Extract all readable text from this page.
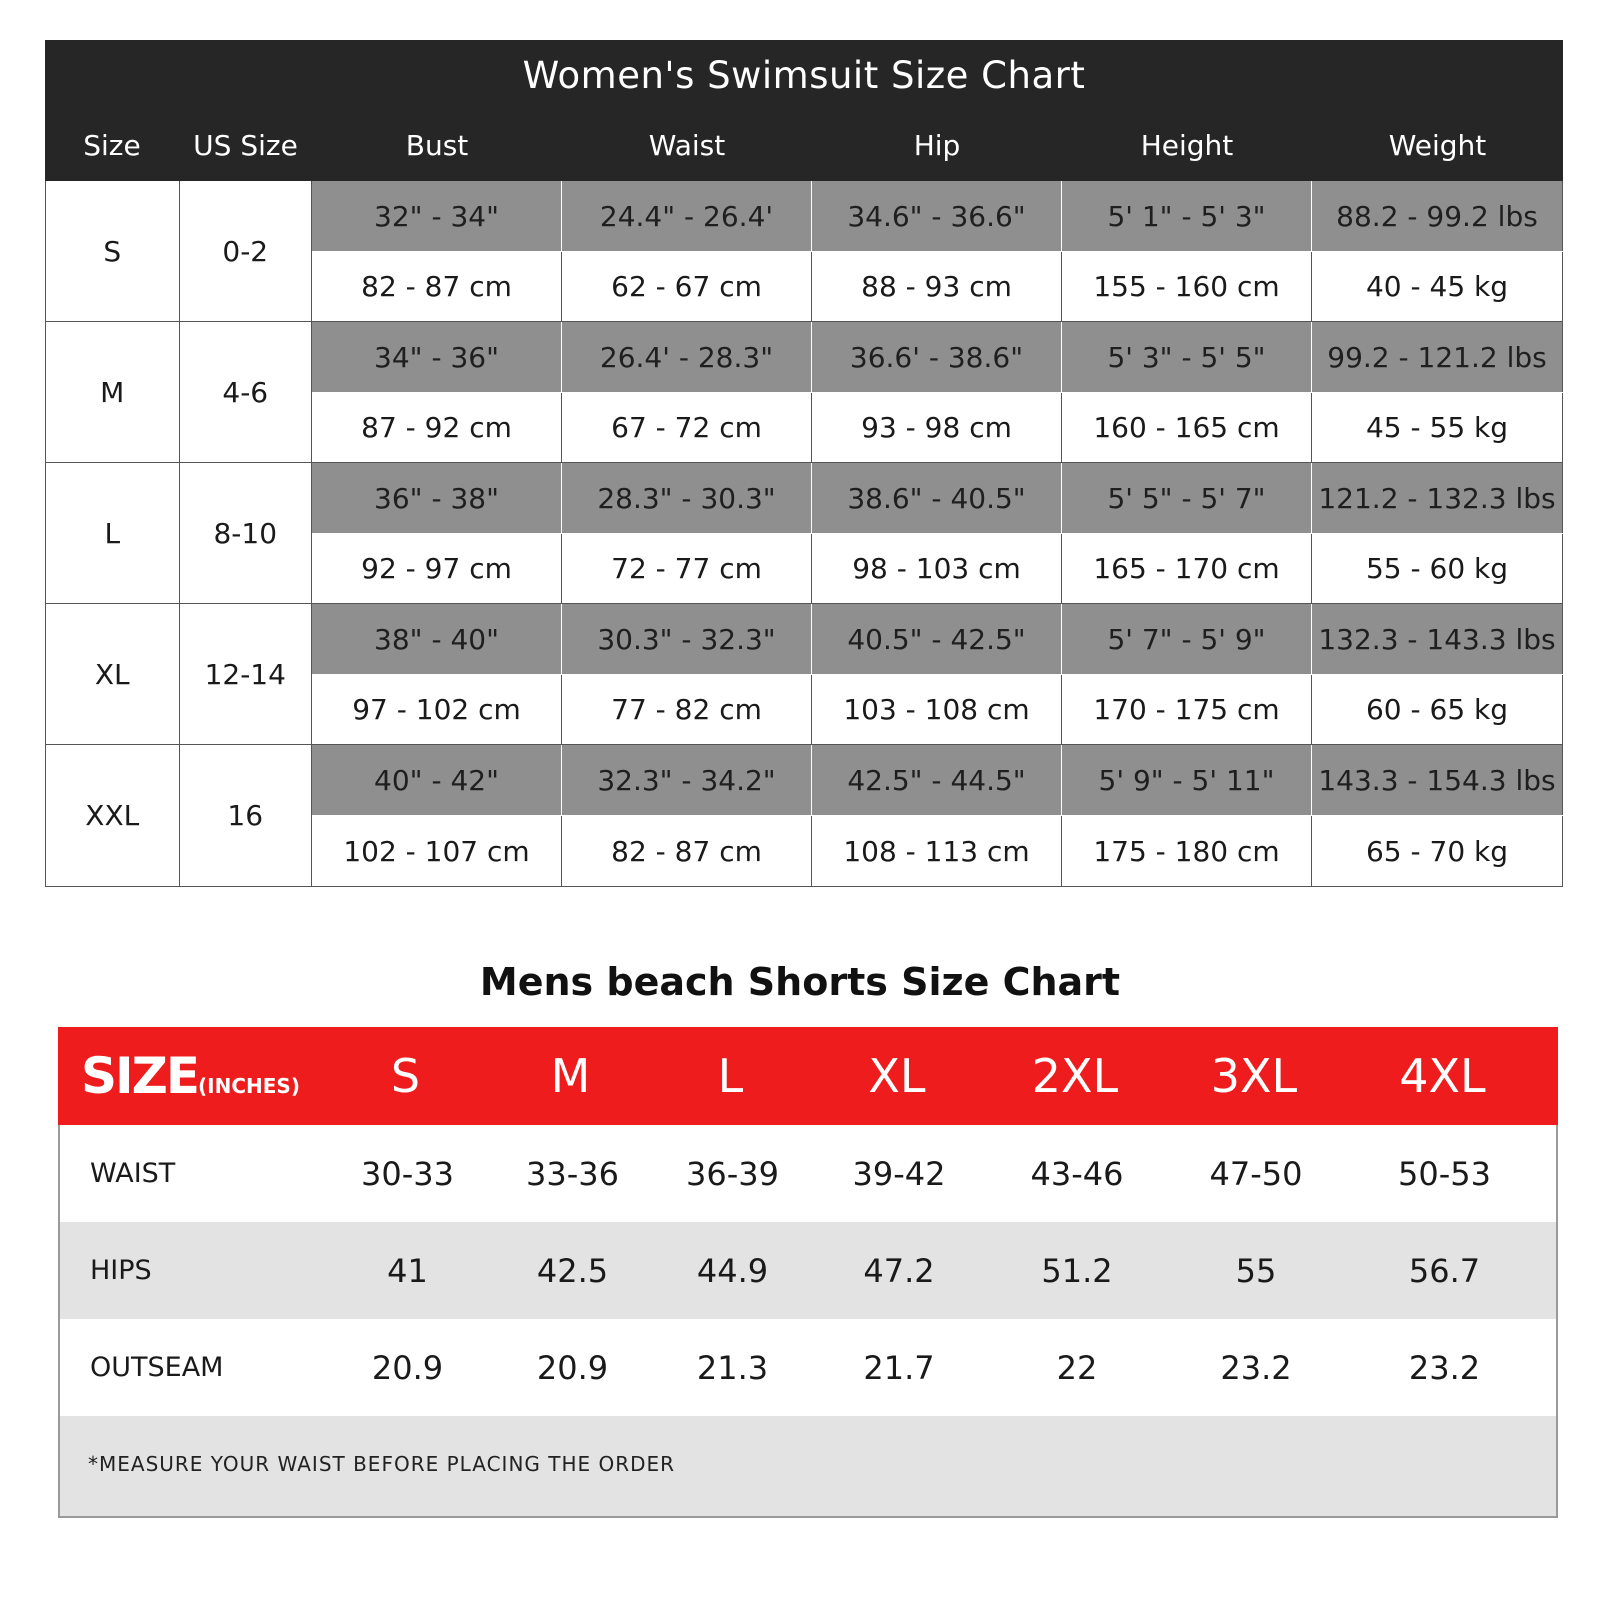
Women's Swimsuit Size Chart
Size	US Size	Bust	Waist	Hip	Height	Weight
S	0-2
32" - 34"	24.4" - 26.4'	34.6" - 36.6"	5' 1" - 5' 3"	88.2 - 99.2 lbs
82 - 87 cm	62 - 67 cm	88 - 93 cm	155 - 160 cm	40 - 45 kg
M	4-6
34" - 36"	26.4' - 28.3"	36.6' - 38.6"	5' 3" - 5' 5"	99.2 - 121.2 lbs
87 - 92 cm	67 - 72 cm	93 - 98 cm	160 - 165 cm	45 - 55 kg
L	8-10
36" - 38"	28.3" - 30.3"	38.6" - 40.5"	5' 5" - 5' 7"	121.2 - 132.3 lbs
92 - 97 cm	72 - 77 cm	98 - 103 cm	165 - 170 cm	55 - 60 kg
XL	12-14
38" - 40"	30.3" - 32.3"	40.5" - 42.5"	5' 7" - 5' 9"	132.3 - 143.3 lbs
97 - 102 cm	77 - 82 cm	103 - 108 cm	170 - 175 cm	60 - 65 kg
XXL	16
40" - 42"	32.3" - 34.2"	42.5" - 44.5"	5' 9" - 5' 11"	143.3 - 154.3 lbs
102 - 107 cm	82 - 87 cm	108 - 113 cm	175 - 180 cm	65 - 70 kg
Mens beach Shorts Size Chart
SIZE(INCHES)	S	M	L	XL	2XL	3XL	4XL
WAIST	30-33	33-36	36-39	39-42	43-46	47-50	50-53
HIPS	41	42.5	44.9	47.2	51.2	55	56.7
OUTSEAM	20.9	20.9	21.3	21.7	22	23.2	23.2
*MEASURE YOUR WAIST BEFORE PLACING THE ORDER
